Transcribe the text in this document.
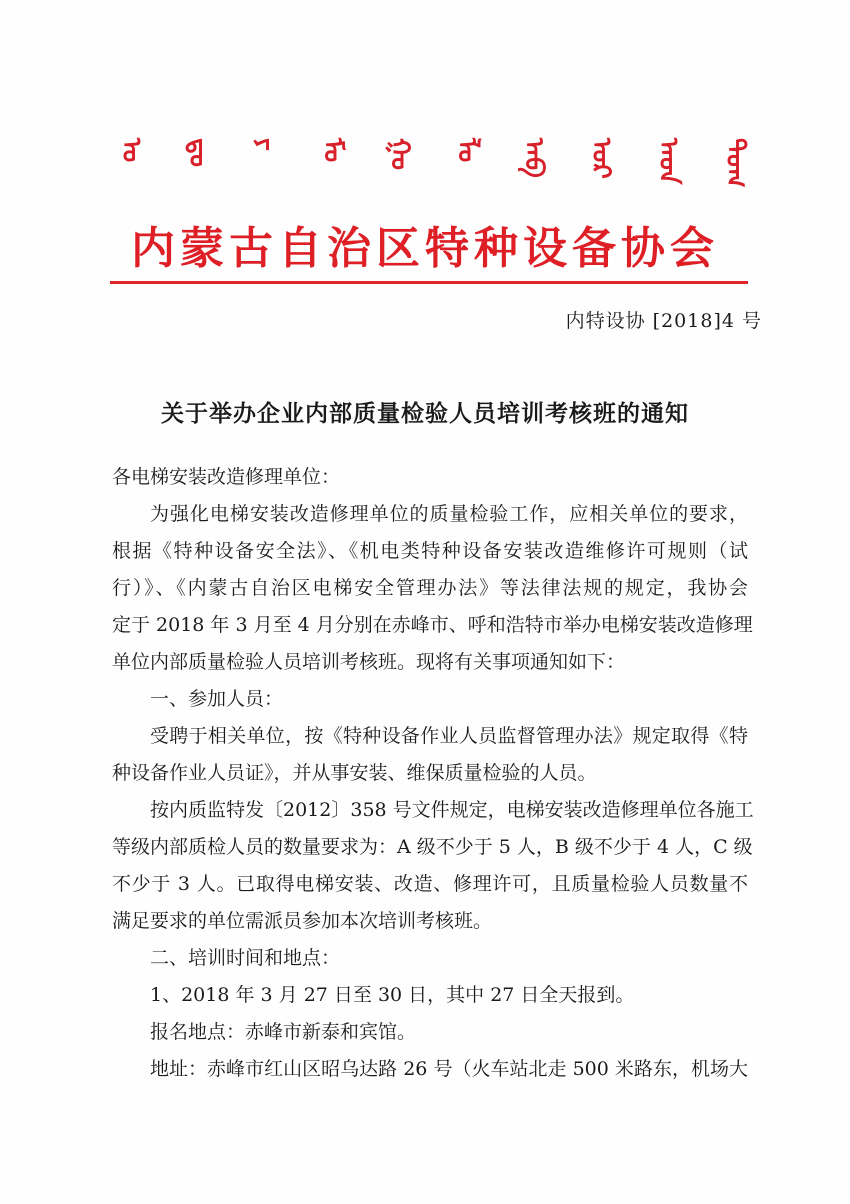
ᠣ ᠳᠣ ᠶ ᠮᠣ ᠭᠣ ᠯᠣ ᠠᠪ ᠣᠷ ᠠᠳ ᠲᠣᠬ
内蒙古自治区特种设备协会
内特设协 [2018]4 号
关于举办企业内部质量检验人员培训考核班的通知
各电梯安装改造修理单位：
为强化电梯安装改造修理单位的质量检验工作，应相关单位的要求，
根据《特种设备安全法》、《机电类特种设备安装改造维修许可规则（试
行）》、《内蒙古自治区电梯安全管理办法》等法律法规的规定，我协会
定于 2018 年 3 月至 4 月分别在赤峰市、呼和浩特市举办电梯安装改造修理
单位内部质量检验人员培训考核班。现将有关事项通知如下：
一、参加人员：
受聘于相关单位，按《特种设备作业人员监督管理办法》规定取得《特
种设备作业人员证》，并从事安装、维保质量检验的人员。
按内质监特发〔2012〕358 号文件规定，电梯安装改造修理单位各施工
等级内部质检人员的数量要求为：A 级不少于 5 人，B 级不少于 4 人，C 级
不少于 3 人。已取得电梯安装、改造、修理许可，且质量检验人员数量不
满足要求的单位需派员参加本次培训考核班。
二、培训时间和地点：
1、2018 年 3 月 27 日至 30 日，其中 27 日全天报到。
报名地点：赤峰市新泰和宾馆。
地址：赤峰市红山区昭乌达路 26 号（火车站北走 500 米路东，机场大
